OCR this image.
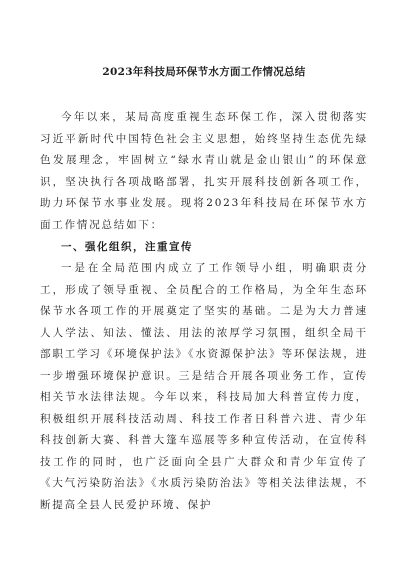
2023年科技局环保节水方面工作情况总结

今年以来，某局高度重视生态环保工作，深入贯彻落实习近平新时代中国特色社会主义思想，始终坚持生态优先绿色发展理念，牢固树立“绿水青山就是金山银山”的环保意识，坚决执行各项战略部署，扎实开展科技创新各项工作，助力环保节水事业发展。现将2023年科技局在环保节水方面工作情况总结如下：

一、强化组织，注重宣传

一是在全局范围内成立了工作领导小组，明确职责分工，形成了领导重视、全员配合的工作格局，为全年生态环保节水各项工作的开展奠定了坚实的基础。二是为大力普速人人学法、知法、懂法、用法的浓厚学习氛围，组织全局干部职工学习《环境保护法》《水资源保护法》等环保法规，进一步增强环境保护意识。三是结合开展各项业务工作，宣传相关节水法律法规。今年以来，科技局加大科普宣传力度，积极组织开展科技活动周、科技工作者日科普六进、青少年科技创新大赛、科普大篷车巡展等多种宣传活动，在宣传科技工作的同时，也广泛面向全县广大群众和青少年宣传了《大气污染防治法》《水质污染防治法》等相关法律法规，不断提高全县人民爱护环境、保护
